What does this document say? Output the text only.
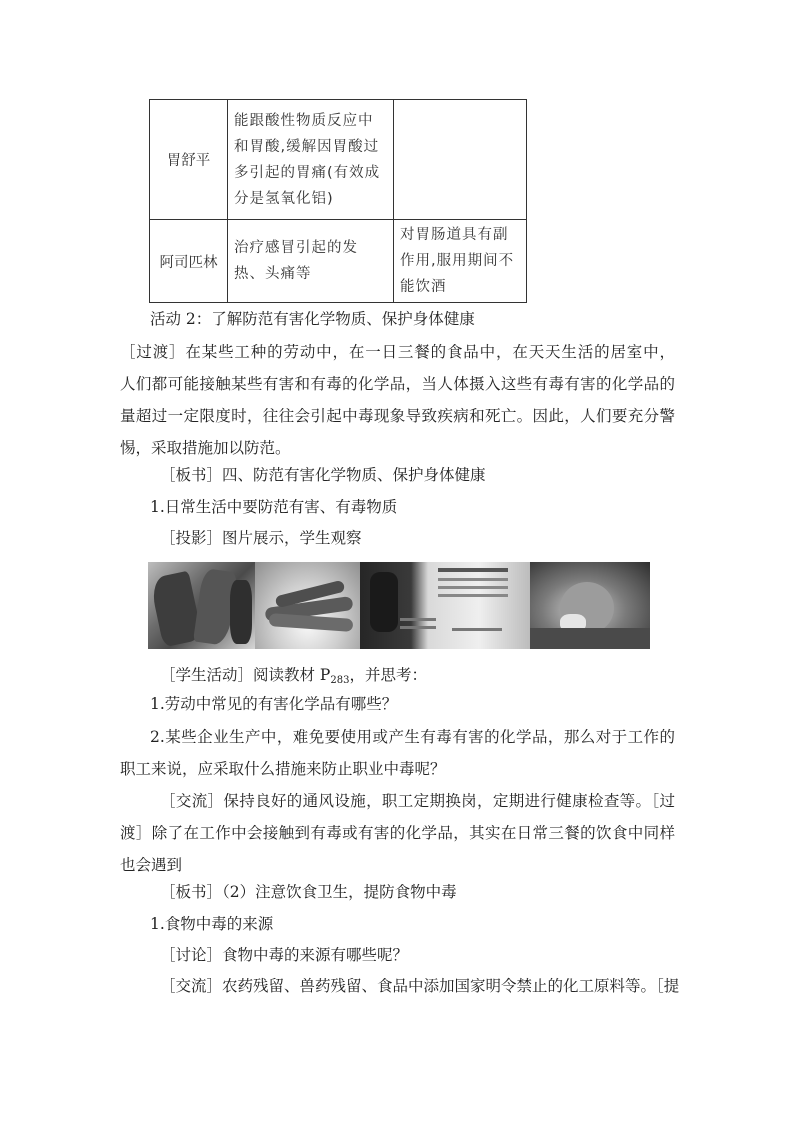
胃舒平	能跟酸性物质反应中和胃酸,缓解因胃酸过多引起的胃痛(有效成分是氢氧化铝)	
阿司匹林	治疗感冒引起的发热、头痛等	对胃肠道具有副作用,服用期间不能饮酒
活动 2：了解防范有害化学物质、保护身体健康
［过渡］在某些工种的劳动中，在一日三餐的食品中，在天天生活的居室中，
人们都可能接触某些有害和有毒的化学品，当人体摄入这些有毒有害的化学品的
量超过一定限度时，往往会引起中毒现象导致疾病和死亡。因此，人们要充分警
惕，采取措施加以防范。
［板书］四、防范有害化学物质、保护身体健康
1.日常生活中要防范有害、有毒物质
［投影］图片展示，学生观察
［学生活动］阅读教材 $P_{283}$，并思考：
1.劳动中常见的有害化学品有哪些？
2.某些企业生产中，难免要使用或产生有毒有害的化学品，那么对于工作的
职工来说，应采取什么措施来防止职业中毒呢？
［交流］保持良好的通风设施，职工定期换岗，定期进行健康检查等。［过
渡］除了在工作中会接触到有毒或有害的化学品，其实在日常三餐的饮食中同样
也会遇到
［板书］（2）注意饮食卫生，提防食物中毒
1.食物中毒的来源
［讨论］食物中毒的来源有哪些呢？
［交流］农药残留、兽药残留、食品中添加国家明令禁止的化工原料等。［提
